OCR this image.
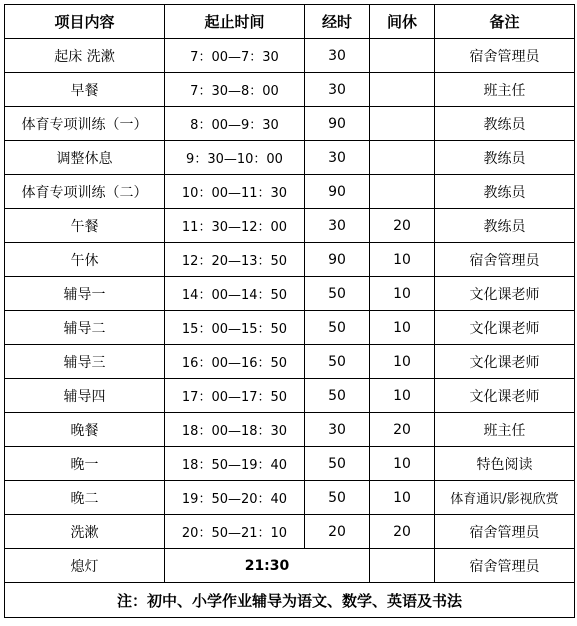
项目内容	起止时间	经时	间休	备注
起床 洗漱	7：00—7：30	30		宿舍管理员
早餐	7：30—8：00	30		班主任
体育专项训练（一）	8：00—9：30	90		教练员
调整休息	9：30—10：00	30		教练员
体育专项训练（二）	10：00—11：30	90		教练员
午餐	11：30—12：00	30	20	教练员
午休	12：20—13：50	90	10	宿舍管理员
辅导一	14：00—14：50	50	10	文化课老师
辅导二	15：00—15：50	50	10	文化课老师
辅导三	16：00—16：50	50	10	文化课老师
辅导四	17：00—17：50	50	10	文化课老师
晚餐	18：00—18：30	30	20	班主任
晚一	18：50—19：40	50	10	特色阅读
晚二	19：50—20：40	50	10	体育通识/影视欣赏
洗漱	20：50—21：10	20	20	宿舍管理员
熄灯	21:30			宿舍管理员
注：初中、小学作业辅导为语文、数学、英语及书法				
